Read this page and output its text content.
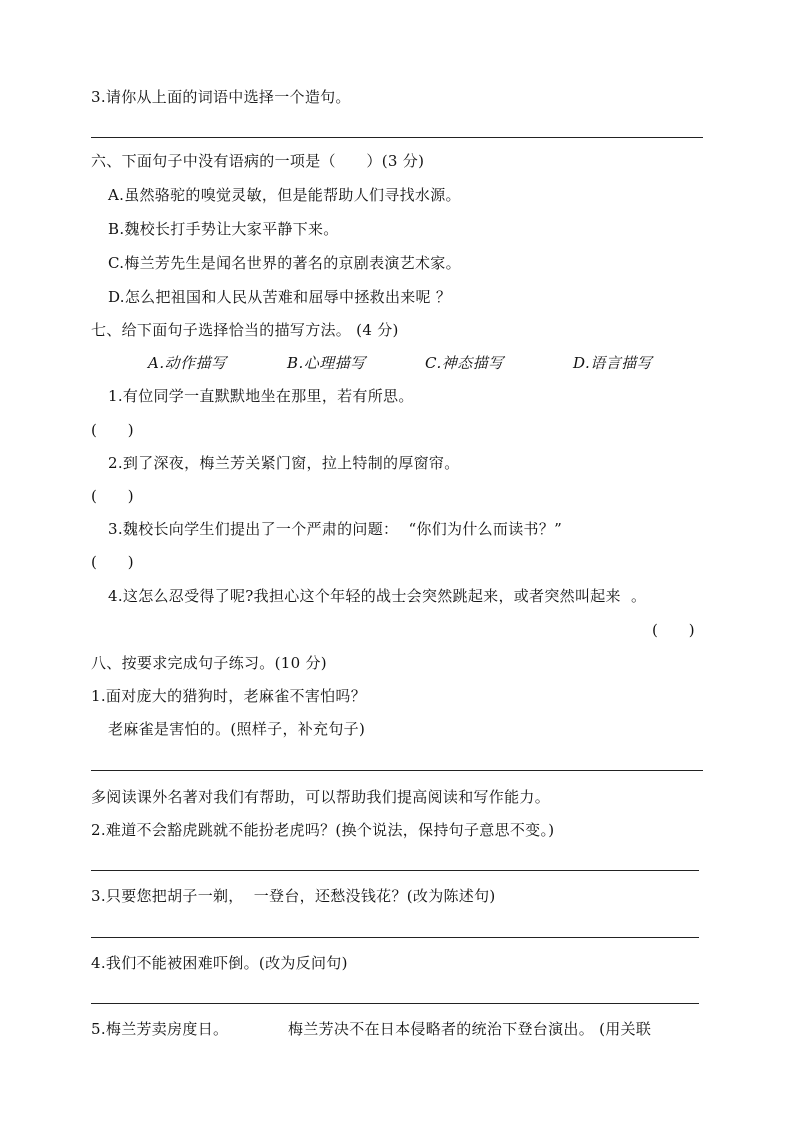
3.请你从上面的词语中选择一个造句。
六、下面句子中没有语病的一项是（　　）(3 分)
A.虽然骆驼的嗅觉灵敏，但是能帮助人们寻找水源。
B.魏校长打手势让大家平静下来。
C.梅兰芳先生是闻名世界的著名的京剧表演艺术家。
D.怎么把祖国和人民从苦难和屈辱中拯救出来呢 ？
七、给下面句子选择恰当的描写方法。 (4 分)
A.动作描写	B.心理描写	C.神态描写	D.语言描写
1.有位同学一直默默地坐在那里，若有所思。
(　　)
2.到了深夜，梅兰芳关紧门窗，拉上特制的厚窗帘。
(　　)
3.魏校长向学生们提出了一个严肃的问题：  “你们为什么而读书？”
(　　)
4.这怎么忍受得了呢?我担心这个年轻的战士会突然跳起来，或者突然叫起来  。
(　　)
八、按要求完成句子练习。(10 分)
1.面对庞大的猎狗时，老麻雀不害怕吗？
老麻雀是害怕的。(照样子，补充句子)
多阅读课外名著对我们有帮助，可以帮助我们提高阅读和写作能力。
2.难道不会豁虎跳就不能扮老虎吗？(换个说法，保持句子意思不变。)
3.只要您把胡子一剃，  一登台，还愁没钱花？(改为陈述句)
4.我们不能被困难吓倒。(改为反问句)
5.梅兰芳卖房度日。	梅兰芳决不在日本侵略者的统治下登台演出。 (用关联
